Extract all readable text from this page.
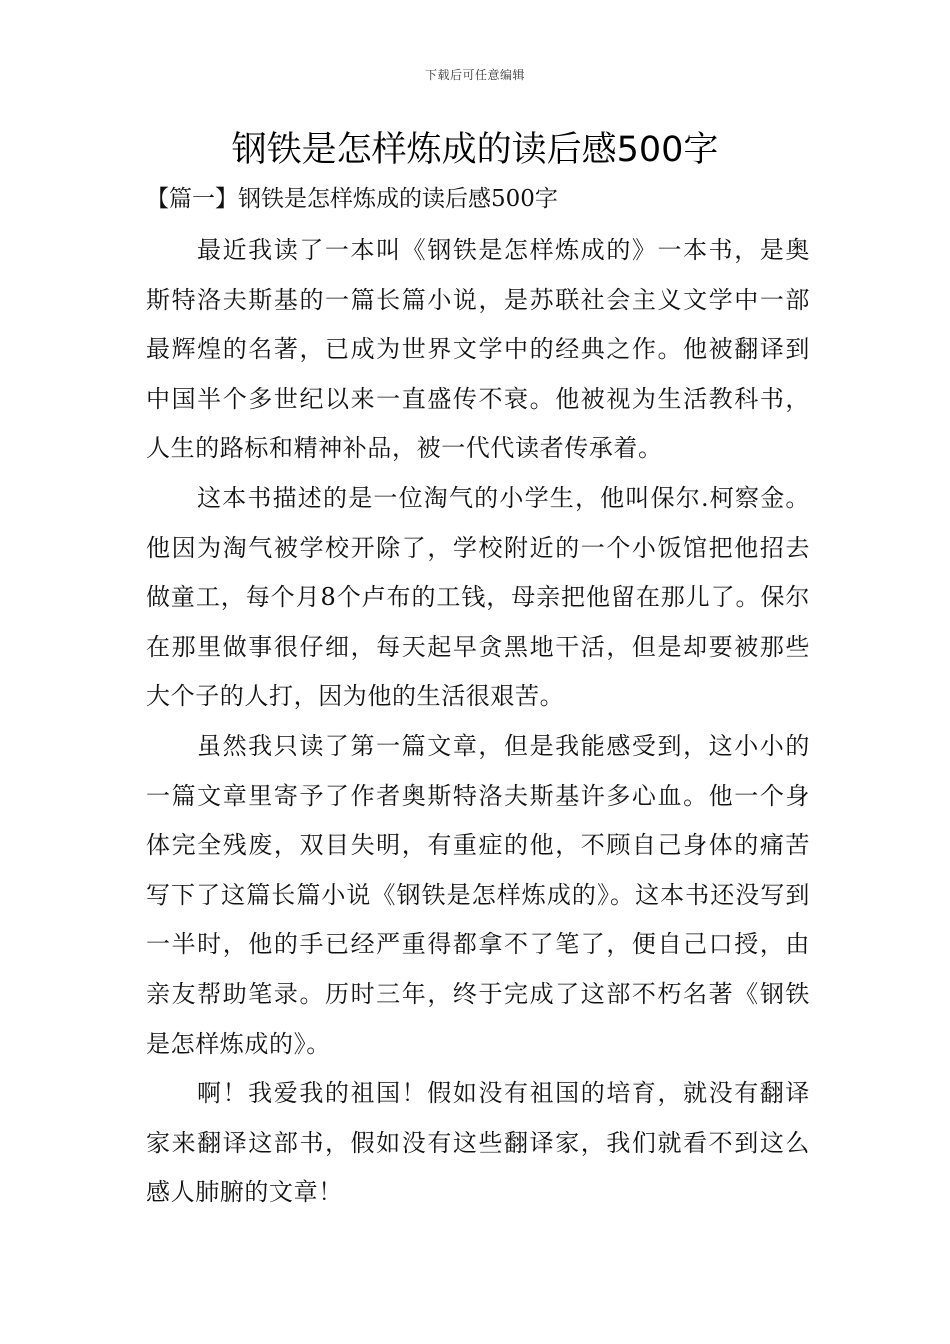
下载后可任意编辑
钢铁是怎样炼成的读后感500字
【篇一】钢铁是怎样炼成的读后感500字

最近我读了一本叫《钢铁是怎样炼成的》一本书，是奥斯特洛夫斯基的一篇长篇小说，是苏联社会主义文学中一部最辉煌的名著，已成为世界文学中的经典之作。他被翻译到中国半个多世纪以来一直盛传不衰。他被视为生活教科书，人生的路标和精神补品，被一代代读者传承着。

这本书描述的是一位淘气的小学生，他叫保尔.柯察金。他因为淘气被学校开除了，学校附近的一个小饭馆把他招去做童工，每个月8个卢布的工钱，母亲把他留在那儿了。保尔在那里做事很仔细，每天起早贪黑地干活，但是却要被那些大个子的人打，因为他的生活很艰苦。

虽然我只读了第一篇文章，但是我能感受到，这小小的一篇文章里寄予了作者奥斯特洛夫斯基许多心血。他一个身体完全残废，双目失明，有重症的他，不顾自己身体的痛苦写下了这篇长篇小说《钢铁是怎样炼成的》。这本书还没写到一半时，他的手已经严重得都拿不了笔了，便自己口授，由亲友帮助笔录。历时三年，终于完成了这部不朽名著《钢铁是怎样炼成的》。

啊！我爱我的祖国！假如没有祖国的培育，就没有翻译家来翻译这部书，假如没有这些翻译家，我们就看不到这么感人肺腑的文章！
